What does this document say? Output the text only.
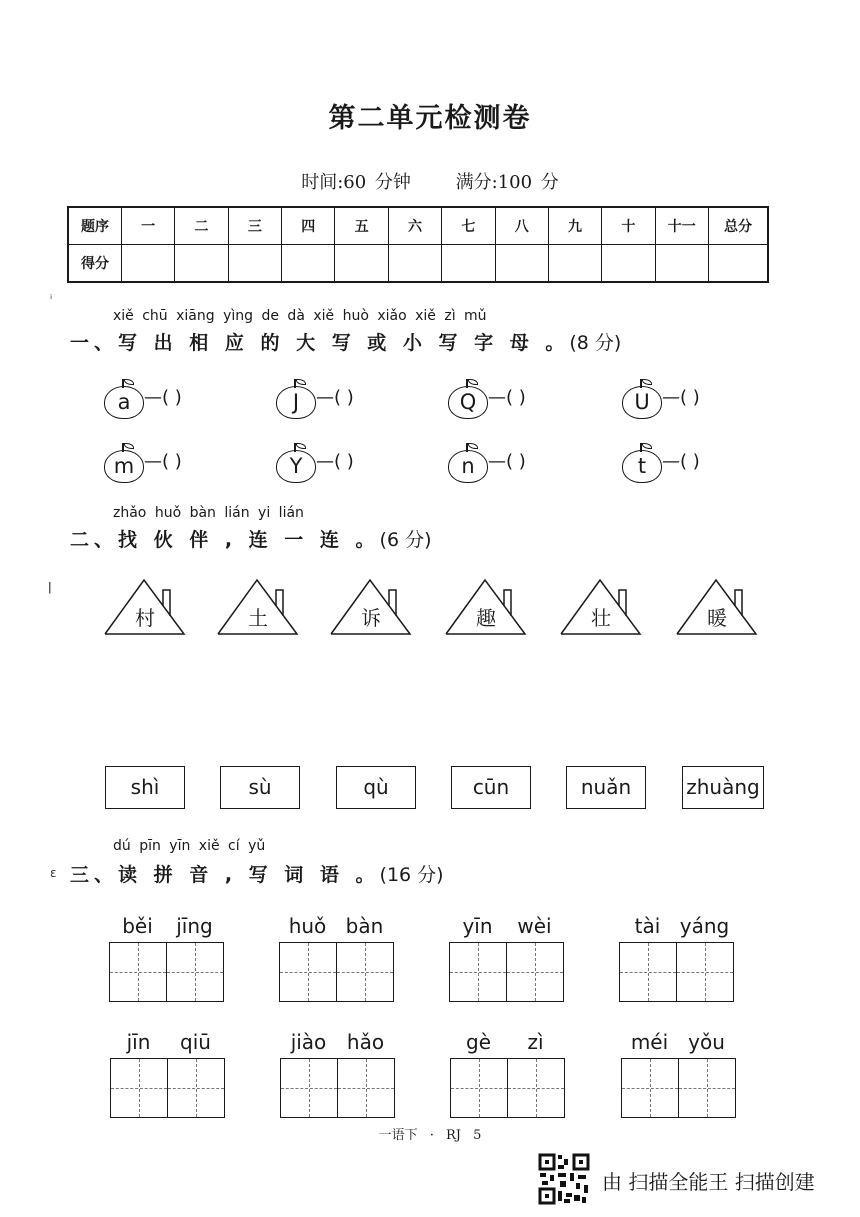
第二单元检测卷
时间:60 分钟 满分:100 分
题序	一	二	三	四	五	六	七	八	九	十	十一	总分
得分												
ⁱ
xiě chū xiāng yìng de dà xiě huò xiǎo xiě zì mǔ
一、写 出 相 应 的 大 写 或 小 写 字 母 。(8 分)
a —( )	J —( )	Q —( )	U —( )
m —( )	Y —( )	n —( )	t —( )
zhǎo huǒ bàn lián yi lián
二、找 伙 伴 , 连 一 连 。(6 分)
ǀ
村	土	诉	趣	壮	暖
shì	sù	qù	cūn	nuǎn	zhuàng
dú pīn yīn xiě cí yǔ
ɛ 三、读 拼 音 , 写 词 语 。(16 分)
běi	jīng	huǒ bàn	yīn	wèi	tài yáng
jīn	qiū	jiào	hǎo	gè	zì	méi yǒu
一语下 · RJ 5
由 扫描全能王 扫描创建
